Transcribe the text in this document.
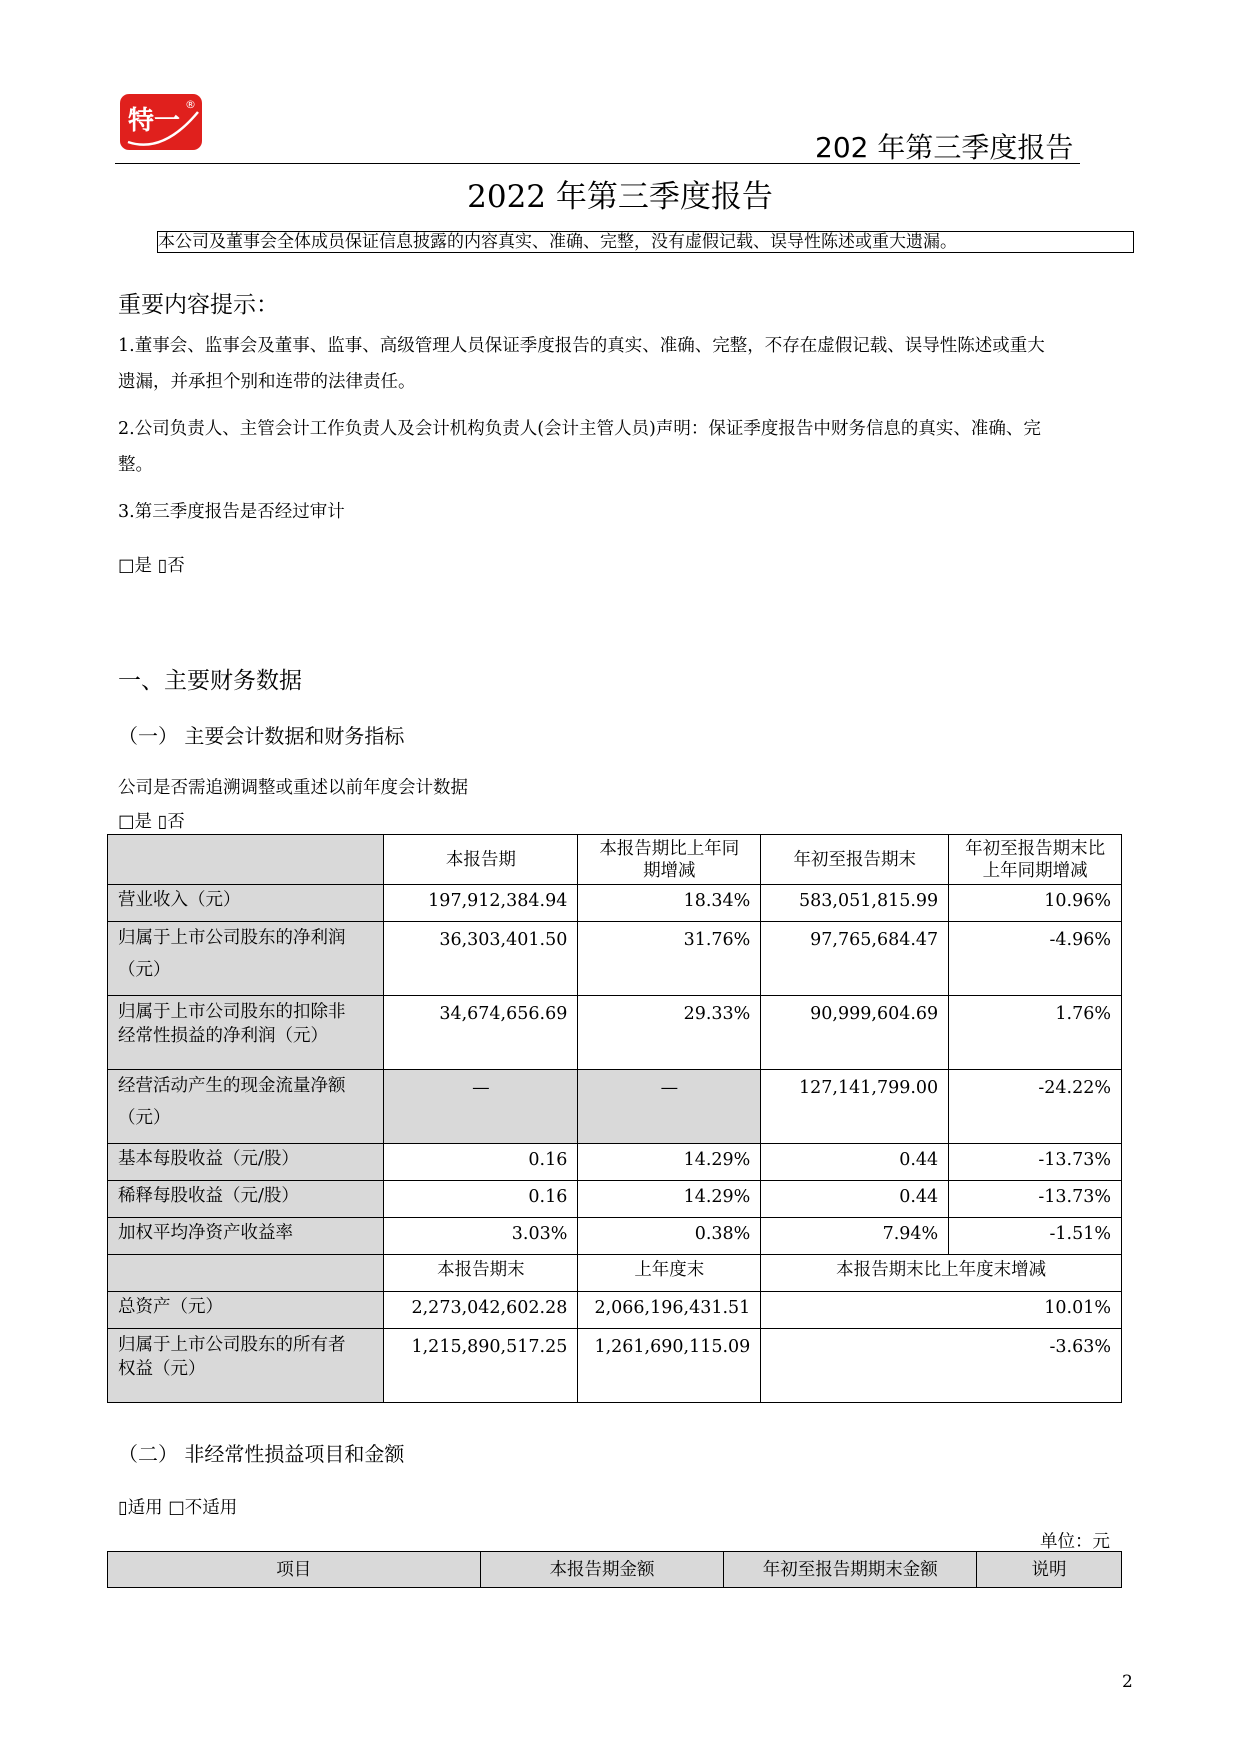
特一
®
202 年第三季度报告
2022 年第三季度报告
本公司及董事会全体成员保证信息披露的内容真实、准确、完整，没有虚假记载、误导性陈述或重大遗漏。
重要内容提示：
1.董事会、监事会及董事、监事、高级管理人员保证季度报告的真实、准确、完整，不存在虚假记载、误导性陈述或重大
遗漏，并承担个别和连带的法律责任。
2.公司负责人、主管会计工作负责人及会计机构负责人(会计主管人员)声明：保证季度报告中财务信息的真实、准确、完
整。
3.第三季度报告是否经过审计
□是 ▯否
一、主要财务数据
（一） 主要会计数据和财务指标
公司是否需追溯调整或重述以前年度会计数据
□是 ▯否
	本报告期	本报告期比上年同
期增减	年初至报告期末	年初至报告期末比
上年同期增减
营业收入（元）	197,912,384.94	18.34%	583,051,815.99	10.96%
归属于上市公司股东的净利润
（元）	36,303,401.50	31.76%	97,765,684.47	-4.96%
归属于上市公司股东的扣除非
经常性损益的净利润（元）	34,674,656.69	29.33%	90,999,604.69	1.76%
经营活动产生的现金流量净额
（元）	—	—	127,141,799.00	-24.22%
基本每股收益（元/股）	0.16	14.29%	0.44	-13.73%
稀释每股收益（元/股）	0.16	14.29%	0.44	-13.73%
加权平均净资产收益率	3.03%	0.38%	7.94%	-1.51%
	本报告期末	上年度末	本报告期末比上年度末增减	
总资产（元）	2,273,042,602.28	2,066,196,431.51	10.01%	
归属于上市公司股东的所有者
权益（元）	1,215,890,517.25	1,261,690,115.09	-3.63%	
（二） 非经常性损益项目和金额
▯适用 □不适用
单位：元
项目	本报告期金额	年初至报告期期末金额	说明
2
